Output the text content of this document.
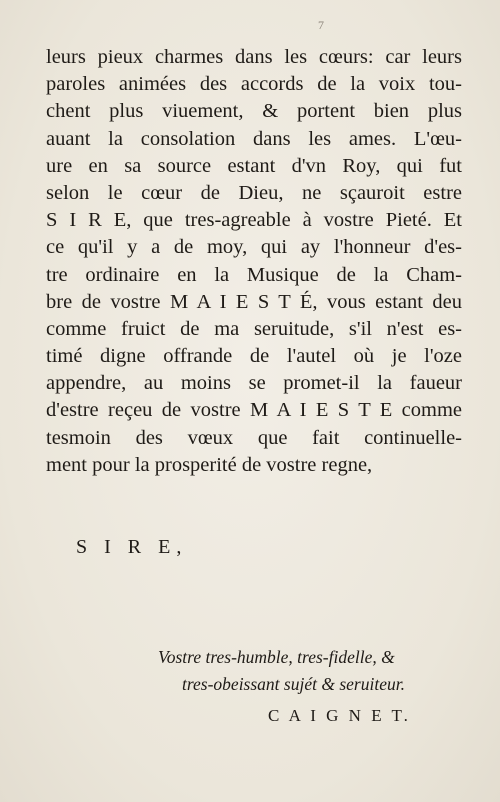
7
leurs pieux charmes dans les cœurs: car leurs
paroles animées des accords de la voix tou-
chent plus viuement, & portent bien plus
auant la consolation dans les ames. L'œu-
ure en sa source estant d'vn Roy, qui fut
selon le cœur de Dieu, ne sçauroit estre
S I R E, que tres-agreable à vostre Pieté. Et
ce qu'il y a de moy, qui ay l'honneur d'es-
tre ordinaire en la Musique de la Cham-
bre de vostre M A I E S T É, vous estant deu
comme fruict de ma seruitude, s'il n'est es-
timé digne offrande de l'autel où je l'oze
appendre, au moins se promet-il la faueur
d'estre reçeu de vostre M A I E S T E comme
tesmoin des vœux que fait continuelle-
ment pour la prosperité de vostre regne,
S I R E,
Vostre tres-humble, tres-fidelle, &
tres-obeissant sujét & seruiteur.
C A I G N E T.
